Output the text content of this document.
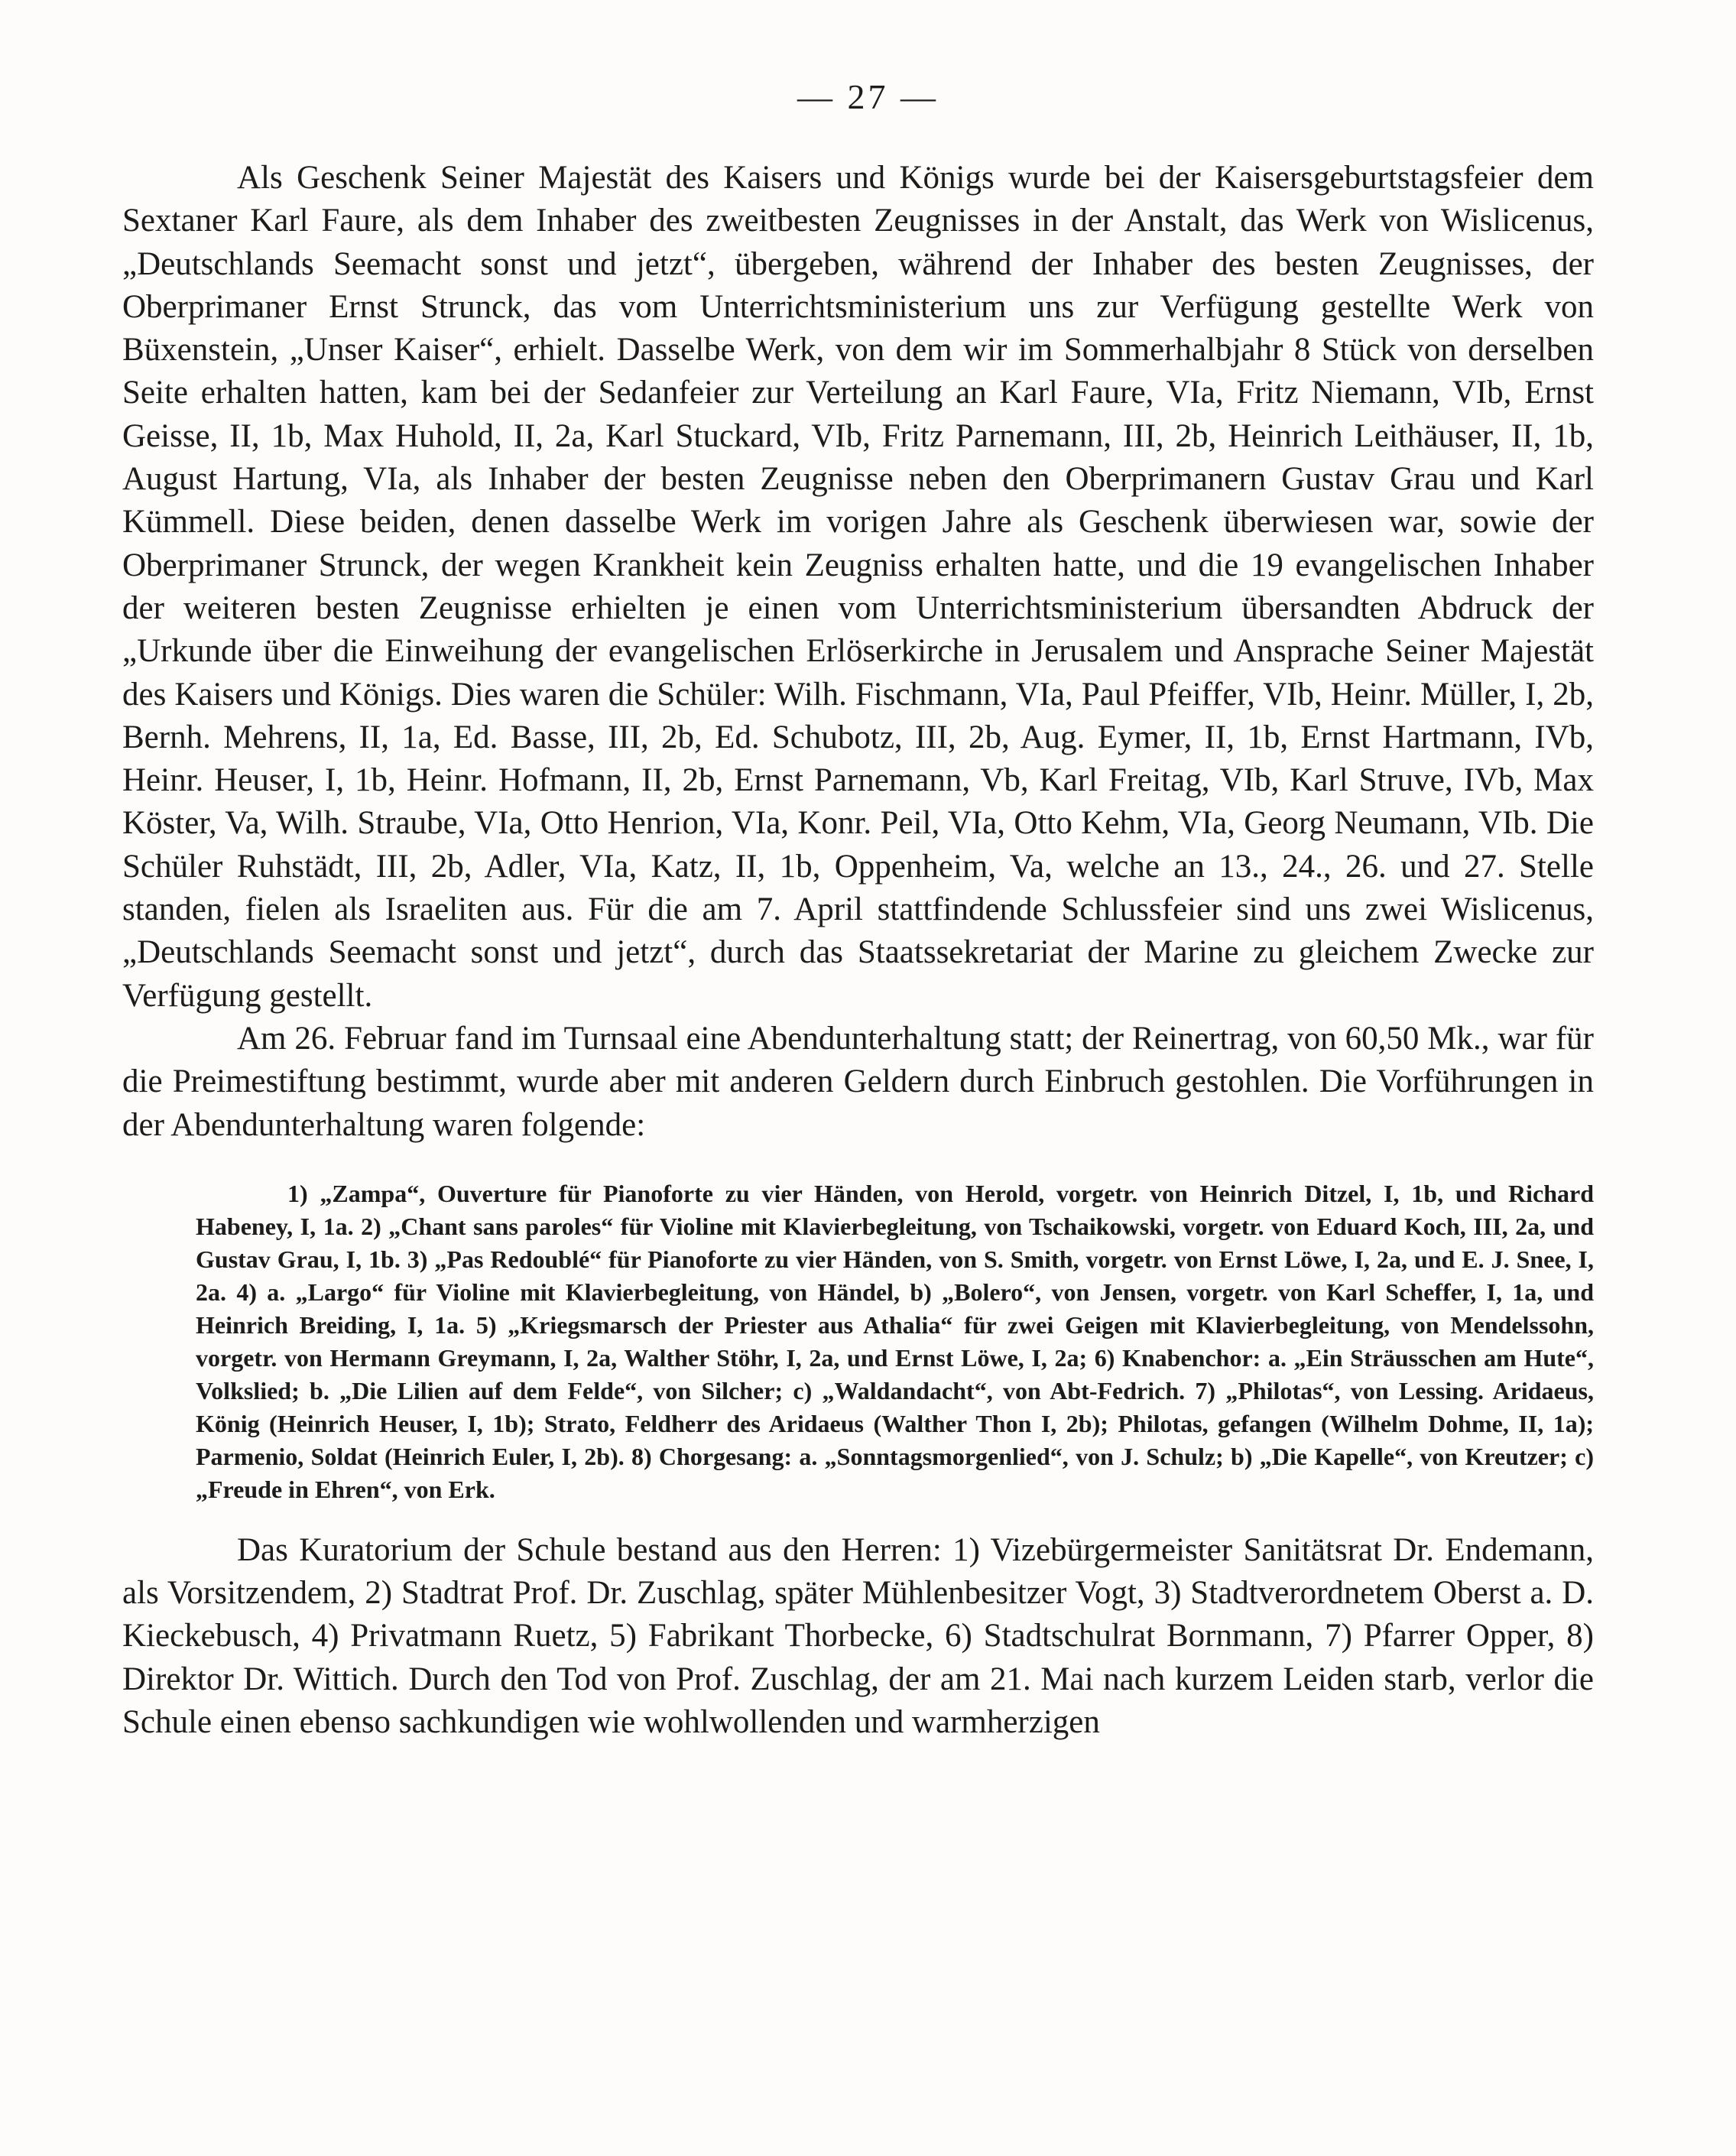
— 27 —

Als Geschenk Seiner Majestät des Kaisers und Königs wurde bei der Kaisersgeburtstagsfeier dem Sextaner Karl Faure, als dem Inhaber des zweitbesten Zeugnisses in der Anstalt, das Werk von Wislicenus, „Deutschlands Seemacht sonst und jetzt“, übergeben, während der Inhaber des besten Zeugnisses, der Oberprimaner Ernst Strunck, das vom Unterrichtsministerium uns zur Verfügung gestellte Werk von Büxenstein, „Unser Kaiser“, erhielt. Dasselbe Werk, von dem wir im Sommerhalbjahr 8 Stück von derselben Seite erhalten hatten, kam bei der Sedanfeier zur Verteilung an Karl Faure, VIa, Fritz Niemann, VIb, Ernst Geisse, II, 1b, Max Huhold, II, 2a, Karl Stuckard, VIb, Fritz Parnemann, III, 2b, Heinrich Leithäuser, II, 1b, August Hartung, VIa, als Inhaber der besten Zeugnisse neben den Oberprimanern Gustav Grau und Karl Kümmell. Diese beiden, denen dasselbe Werk im vorigen Jahre als Geschenk überwiesen war, sowie der Oberprimaner Strunck, der wegen Krankheit kein Zeugniss erhalten hatte, und die 19 evangelischen Inhaber der weiteren besten Zeugnisse erhielten je einen vom Unterrichtsministerium übersandten Abdruck der „Urkunde über die Einweihung der evangelischen Erlöserkirche in Jerusalem und Ansprache Seiner Majestät des Kaisers und Königs. Dies waren die Schüler: Wilh. Fischmann, VIa, Paul Pfeiffer, VIb, Heinr. Müller, I, 2b, Bernh. Mehrens, II, 1a, Ed. Basse, III, 2b, Ed. Schubotz, III, 2b, Aug. Eymer, II, 1b, Ernst Hartmann, IVb, Heinr. Heuser, I, 1b, Heinr. Hofmann, II, 2b, Ernst Parnemann, Vb, Karl Freitag, VIb, Karl Struve, IVb, Max Köster, Va, Wilh. Straube, VIa, Otto Henrion, VIa, Konr. Peil, VIa, Otto Kehm, VIa, Georg Neumann, VIb. Die Schüler Ruhstädt, III, 2b, Adler, VIa, Katz, II, 1b, Oppenheim, Va, welche an 13., 24., 26. und 27. Stelle standen, fielen als Israeliten aus. Für die am 7. April stattfindende Schlussfeier sind uns zwei Wislicenus, „Deutschlands Seemacht sonst und jetzt“, durch das Staatssekretariat der Marine zu gleichem Zwecke zur Verfügung gestellt.

Am 26. Februar fand im Turnsaal eine Abendunterhaltung statt; der Reinertrag, von 60,50 Mk., war für die Preimestiftung bestimmt, wurde aber mit anderen Geldern durch Einbruch gestohlen. Die Vorführungen in der Abendunterhaltung waren folgende:

1) „Zampa“, Ouverture für Pianoforte zu vier Händen, von Herold, vorgetr. von Heinrich Ditzel, I, 1b, und Richard Habeney, I, 1a. 2) „Chant sans paroles“ für Violine mit Klavierbegleitung, von Tschaikowski, vorgetr. von Eduard Koch, III, 2a, und Gustav Grau, I, 1b. 3) „Pas Redoublé“ für Pianoforte zu vier Händen, von S. Smith, vorgetr. von Ernst Löwe, I, 2a, und E. J. Snee, I, 2a. 4) a. „Largo“ für Violine mit Klavierbegleitung, von Händel, b) „Bolero“, von Jensen, vorgetr. von Karl Scheffer, I, 1a, und Heinrich Breiding, I, 1a. 5) „Kriegsmarsch der Priester aus Athalia“ für zwei Geigen mit Klavierbegleitung, von Mendelssohn, vorgetr. von Hermann Greymann, I, 2a, Walther Stöhr, I, 2a, und Ernst Löwe, I, 2a; 6) Knabenchor: a. „Ein Sträusschen am Hute“, Volkslied; b. „Die Lilien auf dem Felde“, von Silcher; c) „Waldandacht“, von Abt-Fedrich. 7) „Philotas“, von Lessing. Aridaeus, König (Heinrich Heuser, I, 1b); Strato, Feldherr des Aridaeus (Walther Thon I, 2b); Philotas, gefangen (Wilhelm Dohme, II, 1a); Parmenio, Soldat (Heinrich Euler, I, 2b). 8) Chorgesang: a. „Sonntagsmorgenlied“, von J. Schulz; b) „Die Kapelle“, von Kreutzer; c) „Freude in Ehren“, von Erk.

Das Kuratorium der Schule bestand aus den Herren: 1) Vizebürgermeister Sanitätsrat Dr. Endemann, als Vorsitzendem, 2) Stadtrat Prof. Dr. Zuschlag, später Mühlenbesitzer Vogt, 3) Stadtverordnetem Oberst a. D. Kieckebusch, 4) Privatmann Ruetz, 5) Fabrikant Thorbecke, 6) Stadtschulrat Bornmann, 7) Pfarrer Opper, 8) Direktor Dr. Wittich. Durch den Tod von Prof. Zuschlag, der am 21. Mai nach kurzem Leiden starb, verlor die Schule einen ebenso sachkundigen wie wohlwollenden und warmherzigen
